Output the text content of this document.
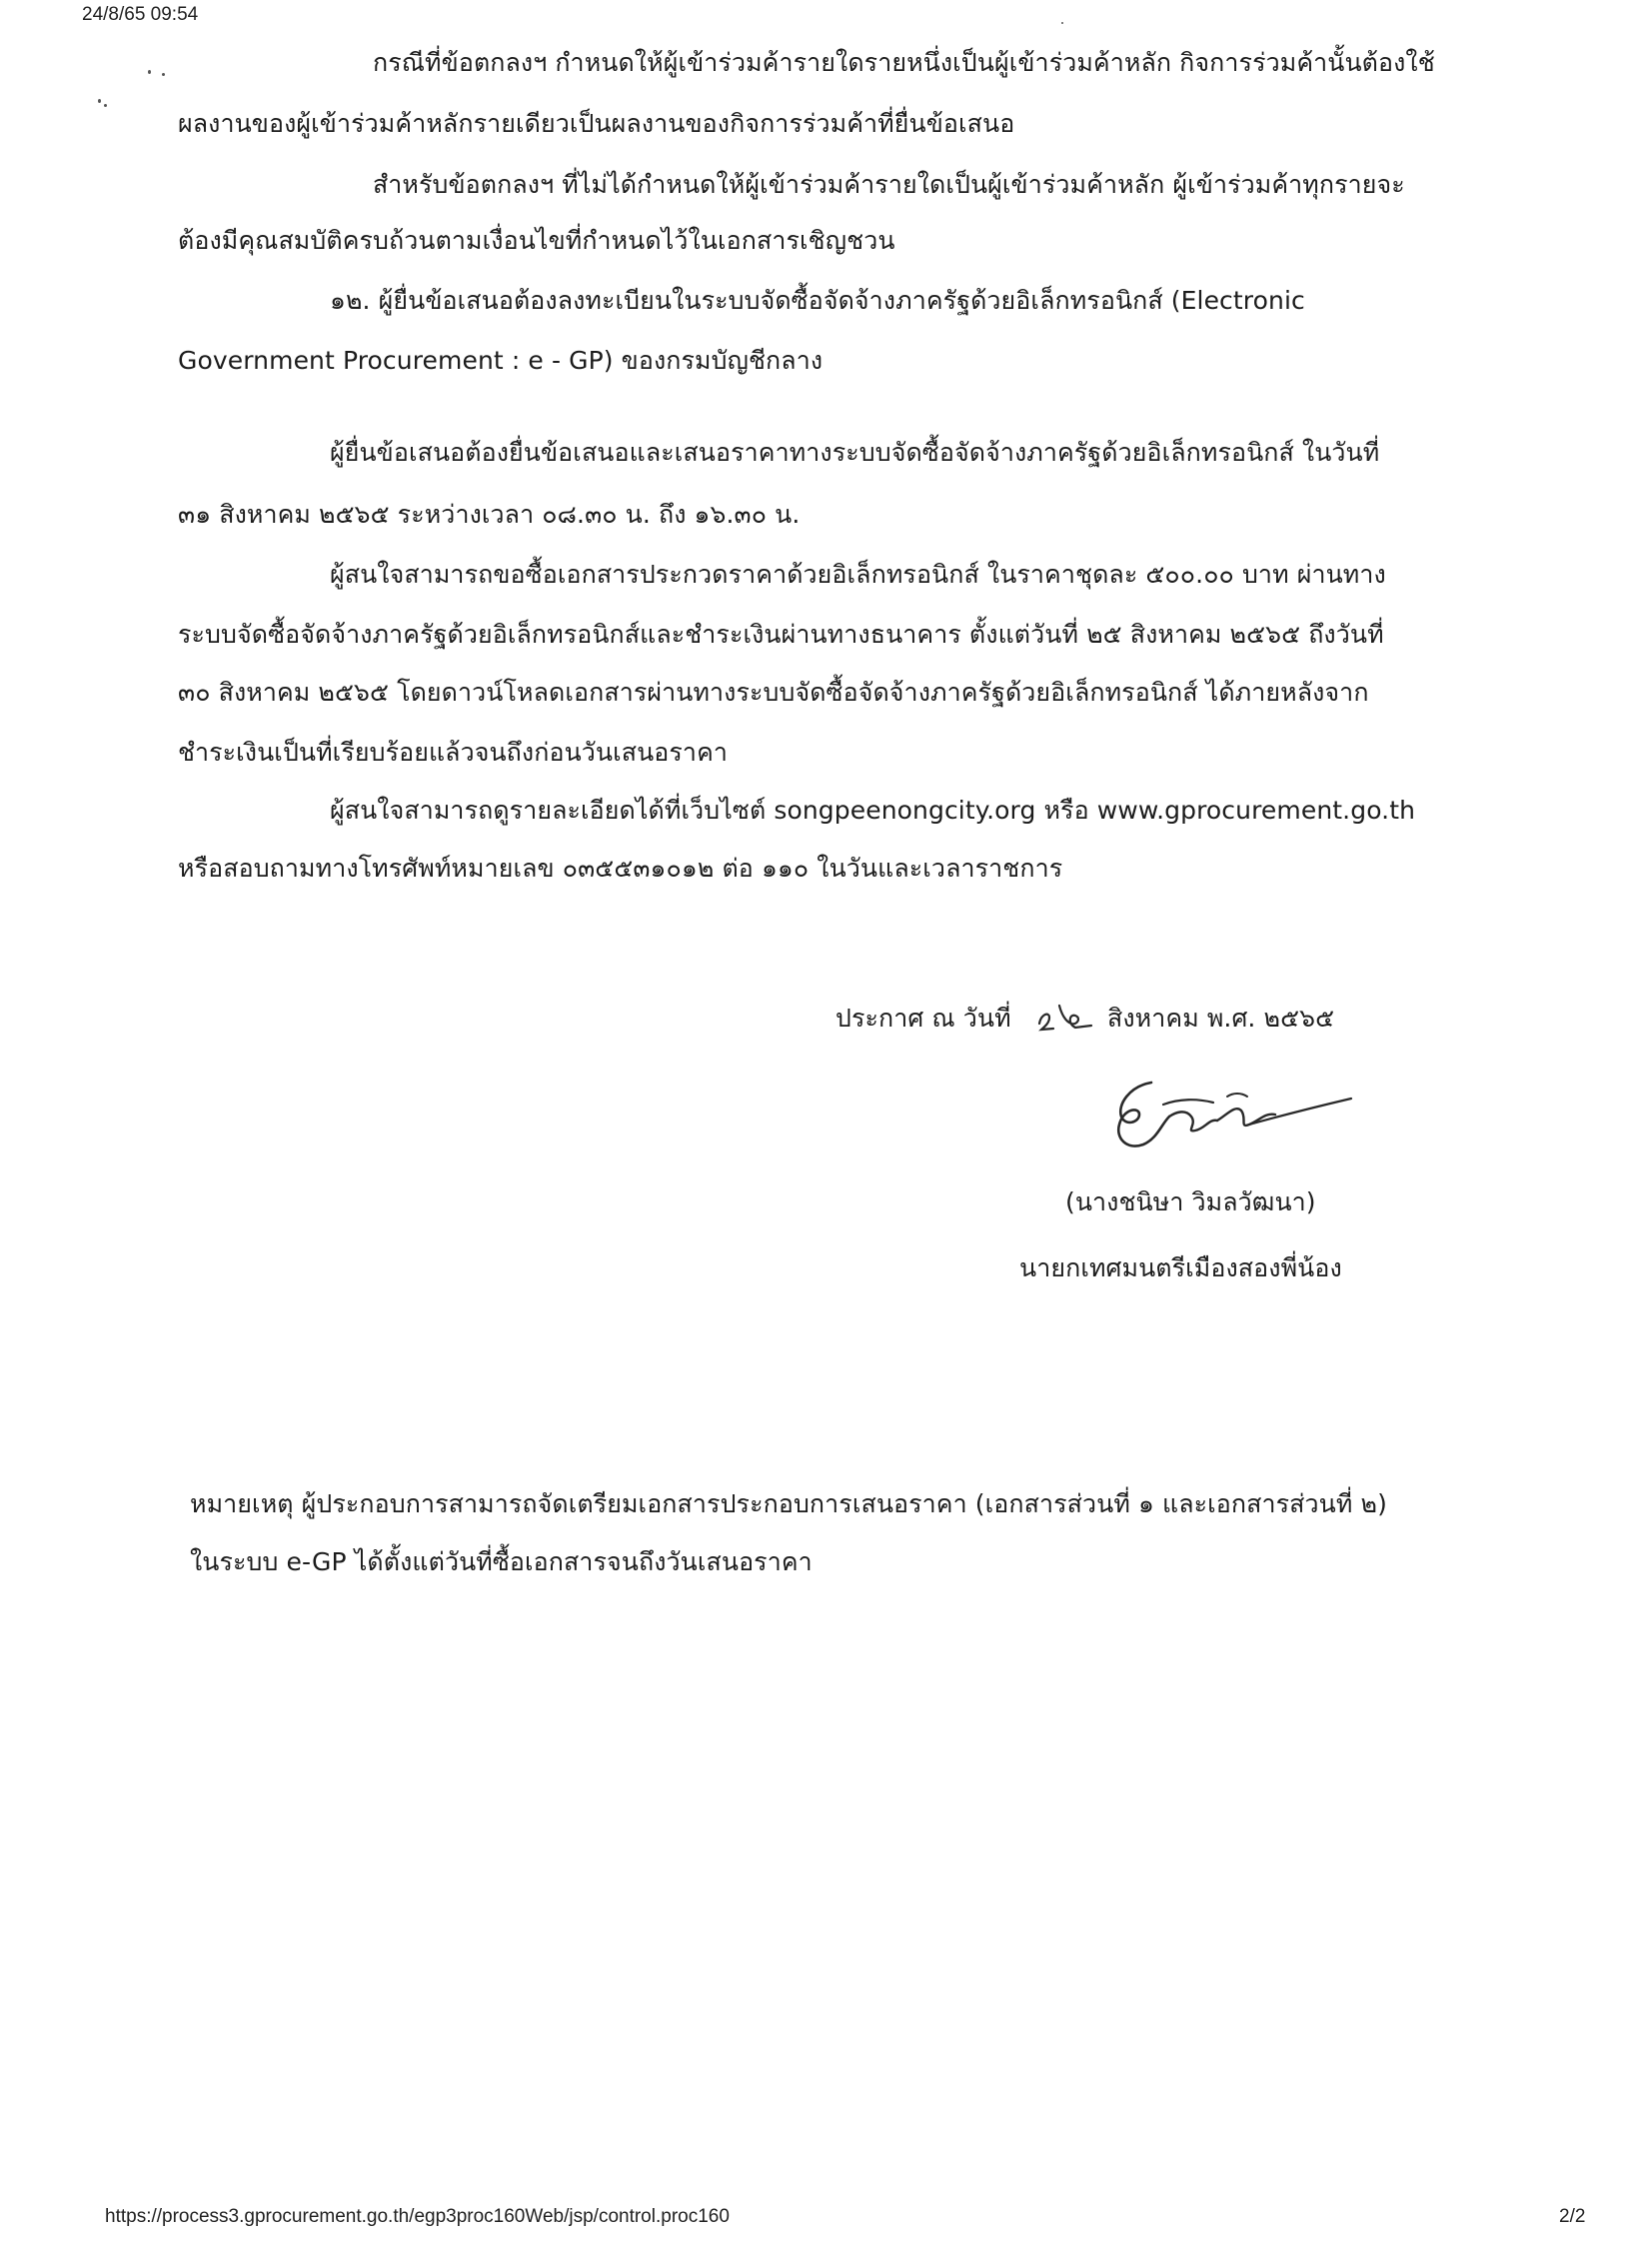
24/8/65 09:54
กรณีที่ข้อตกลงฯ กำหนดให้ผู้เข้าร่วมค้ารายใดรายหนึ่งเป็นผู้เข้าร่วมค้าหลัก กิจการร่วมค้านั้นต้องใช้
ผลงานของผู้เข้าร่วมค้าหลักรายเดียวเป็นผลงานของกิจการร่วมค้าที่ยื่นข้อเสนอ
สำหรับข้อตกลงฯ ที่ไม่ได้กำหนดให้ผู้เข้าร่วมค้ารายใดเป็นผู้เข้าร่วมค้าหลัก ผู้เข้าร่วมค้าทุกรายจะ
ต้องมีคุณสมบัติครบถ้วนตามเงื่อนไขที่กำหนดไว้ในเอกสารเชิญชวน
๑๒. ผู้ยื่นข้อเสนอต้องลงทะเบียนในระบบจัดซื้อจัดจ้างภาครัฐด้วยอิเล็กทรอนิกส์ (Electronic
Government Procurement : e - GP) ของกรมบัญชีกลาง
ผู้ยื่นข้อเสนอต้องยื่นข้อเสนอและเสนอราคาทางระบบจัดซื้อจัดจ้างภาครัฐด้วยอิเล็กทรอนิกส์ ในวันที่
๓๑ สิงหาคม ๒๕๖๕ ระหว่างเวลา ๐๘.๓๐ น. ถึง ๑๖.๓๐ น.
ผู้สนใจสามารถขอซื้อเอกสารประกวดราคาด้วยอิเล็กทรอนิกส์ ในราคาชุดละ ๕๐๐.๐๐ บาท ผ่านทาง
ระบบจัดซื้อจัดจ้างภาครัฐด้วยอิเล็กทรอนิกส์และชำระเงินผ่านทางธนาคาร ตั้งแต่วันที่ ๒๕ สิงหาคม ๒๕๖๕ ถึงวันที่
๓๐ สิงหาคม ๒๕๖๕ โดยดาวน์โหลดเอกสารผ่านทางระบบจัดซื้อจัดจ้างภาครัฐด้วยอิเล็กทรอนิกส์ ได้ภายหลังจาก
ชำระเงินเป็นที่เรียบร้อยแล้วจนถึงก่อนวันเสนอราคา
ผู้สนใจสามารถดูรายละเอียดได้ที่เว็บไซต์ songpeenongcity.org หรือ www.gprocurement.go.th
หรือสอบถามทางโทรศัพท์หมายเลข ๐๓๕๕๓๑๐๑๒ ต่อ ๑๑๐ ในวันและเวลาราชการ
ประกาศ ณ วันที่	สิงหาคม พ.ศ. ๒๕๖๕
(นางชนิษา วิมลวัฒนา)
นายกเทศมนตรีเมืองสองพี่น้อง
หมายเหตุ ผู้ประกอบการสามารถจัดเตรียมเอกสารประกอบการเสนอราคา (เอกสารส่วนที่ ๑ และเอกสารส่วนที่ ๒)
ในระบบ e-GP ได้ตั้งแต่วันที่ซื้อเอกสารจนถึงวันเสนอราคา
https://process3.gprocurement.go.th/egp3proc160Web/jsp/control.proc160	2/2
